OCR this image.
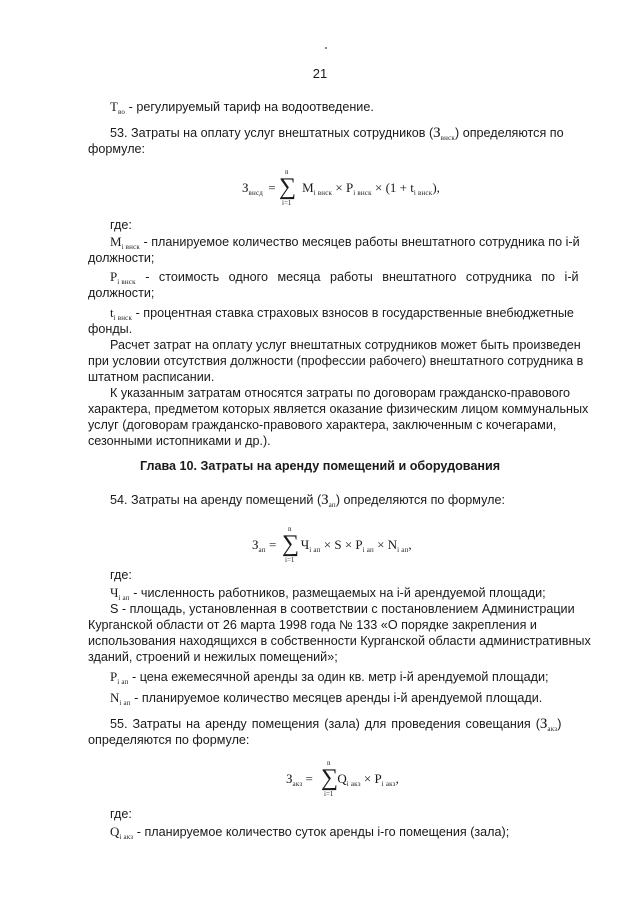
21
$T_{во}$ - регулируемый тариф на водоотведение.
53. Затраты на оплату услуг внештатных сотрудников $(З_{внск})$ определяются по
формуле:
$З_{внсд} = M_{i внск} \times P_{i внск} \times (1 + t_{i внск})$,
n
∑
i=1
где:
$M_{i внск}$ - планируемое количество месяцев работы внештатного сотрудника по i-й
должности;
$P_{i внск}$ - стоимость одного месяца работы внештатного сотрудника по i-й
должности;
$t_{i внск}$ - процентная ставка страховых взносов в государственные внебюджетные
фонды.
Расчет затрат на оплату услуг внештатных сотрудников может быть произведен
при условии отсутствия должности (профессии рабочего) внештатного сотрудника в
штатном расписании.
К указанным затратам относятся затраты по договорам гражданско-правового
характера, предметом которых является оказание физическим лицом коммунальных
услуг (договорам гражданско-правового характера, заключенным с кочегарами,
сезонными истопниками и др.).
Глава 10. Затраты на аренду помещений и оборудования
54. Затраты на аренду помещений $(З_{ап})$ определяются по формуле:
$З_{ап} = Ч_{i ап} \times S \times P_{i ап} \times N_{i ап}$,
n
∑
i=1
где:
$Ч_{i ап}$ - численность работников, размещаемых на i-й арендуемой площади;
S - площадь, установленная в соответствии с постановлением Администрации
Курганской области от 26 марта 1998 года № 133 «О порядке закрепления и
использования находящихся в собственности Курганской области административных
зданий, строений и нежилых помещений»;
$P_{i ап}$ - цена ежемесячной аренды за один кв. метр i-й арендуемой площади;
$N_{i ап}$ - планируемое количество месяцев аренды i-й арендуемой площади.
55. Затраты на аренду помещения (зала) для проведения совещания $(З_{акз})$
определяются по формуле:
$З_{акз} = Q_{i акз} \times P_{i акз}$,
n
∑
i=1
где:
$Q_{i акз}$ - планируемое количество суток аренды i-го помещения (зала);
